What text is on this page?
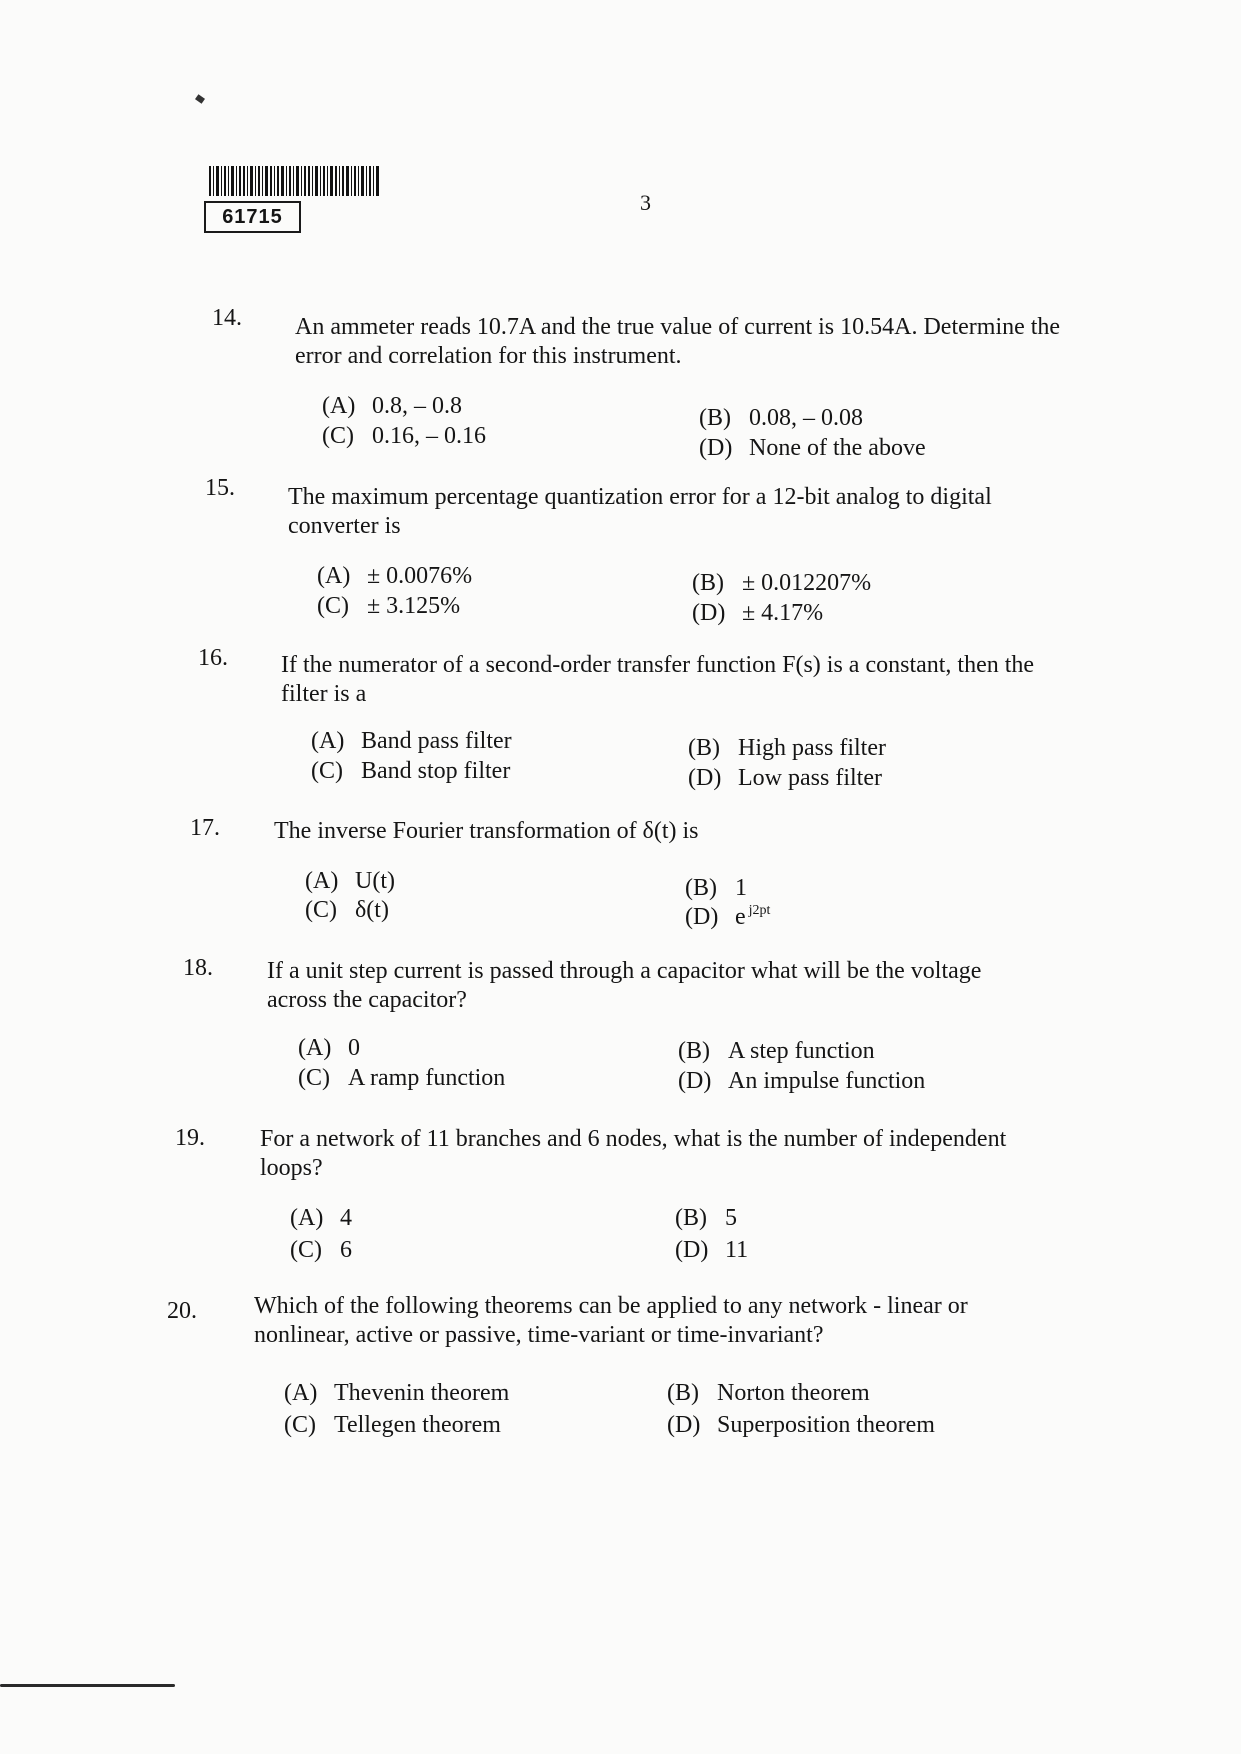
61715
3
14. An ammeter reads 10.7A and the true value of current is 10.54A. Determine the error and correlation for this instrument.
(A) 0.8, – 0.8	(B) 0.08, – 0.08
(C) 0.16, – 0.16	(D) None of the above
15. The maximum percentage quantization error for a 12-bit analog to digital converter is
(A) ± 0.0076%	(B) ± 0.012207%
(C) ± 3.125%	(D) ± 4.17%
16. If the numerator of a second-order transfer function F(s) is a constant, then the filter is a
(A) Band pass filter	(B) High pass filter
(C) Band stop filter	(D) Low pass filter
17. The inverse Fourier transformation of δ(t) is
(A) U(t)	(B) 1
(C) δ(t)	(D) e $^{j2pt}$
18. If a unit step current is passed through a capacitor what will be the voltage across the capacitor?
(A) 0	(B) A step function
(C) A ramp function	(D) An impulse function
19. For a network of 11 branches and 6 nodes, what is the number of independent loops?
(A) 4	(B) 5
(C) 6	(D) 11
20. Which of the following theorems can be applied to any network - linear or nonlinear, active or passive, time-variant or time-invariant?
(A) Thevenin theorem	(B) Norton theorem
(C) Tellegen theorem	(D) Superposition theorem
